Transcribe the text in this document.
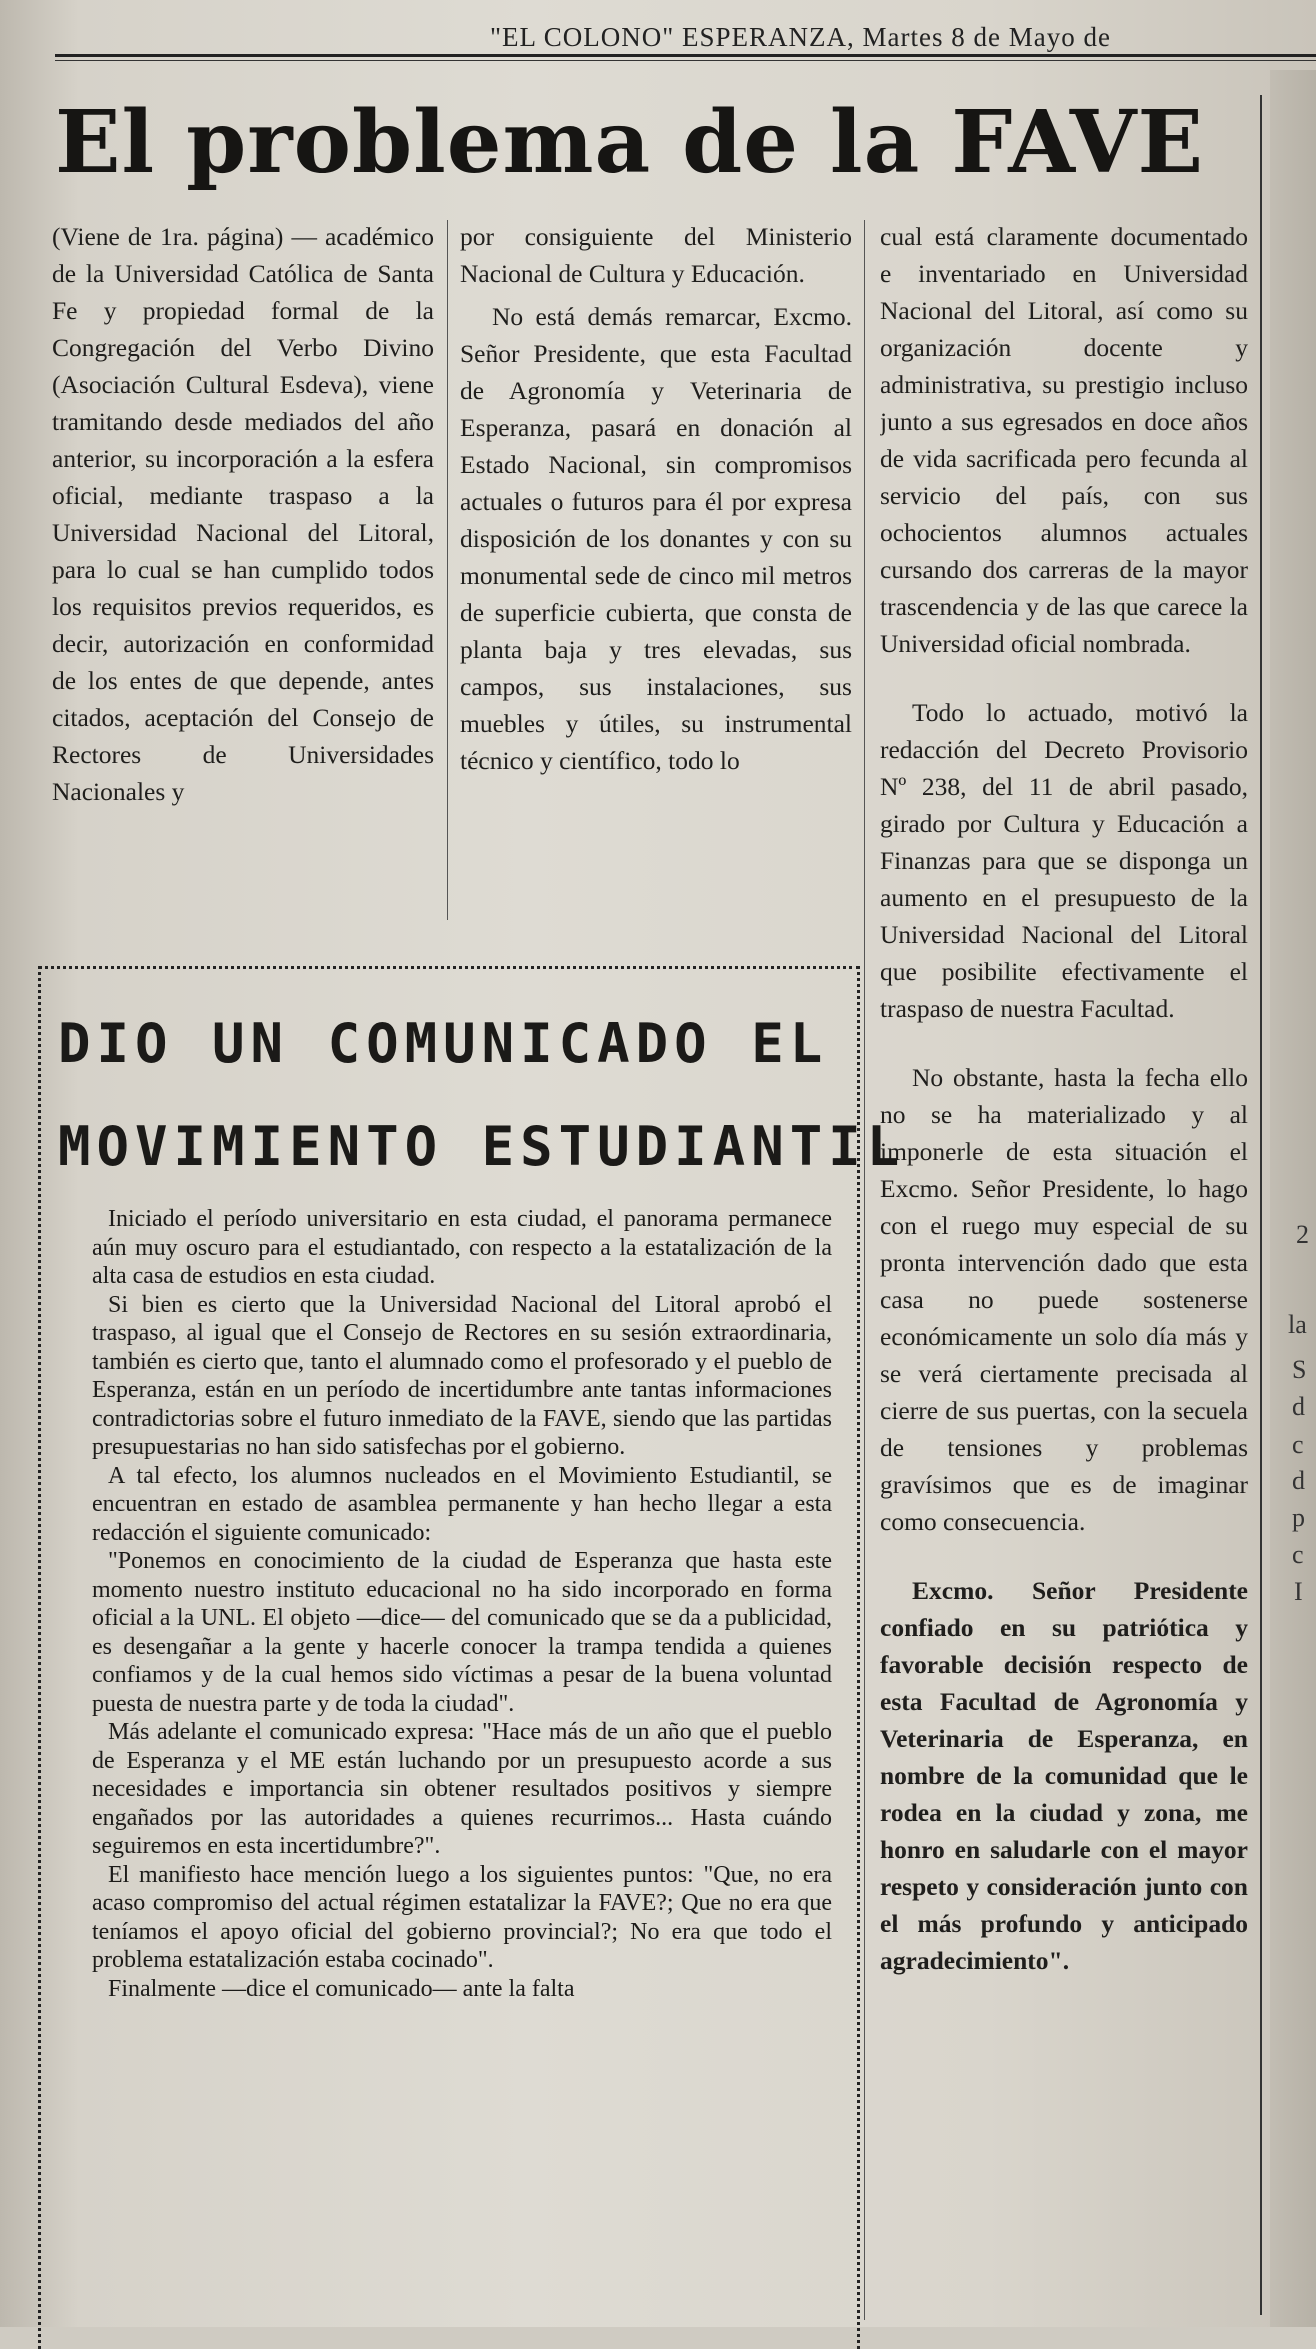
"EL COLONO" ESPERANZA, Martes 8 de Mayo de
El problema de la FAVE

(Viene de 1ra. página) — académico de la Universidad Católica de Santa Fe y propiedad formal de la Congregación del Verbo Divino (Asociación Cultural Esdeva), viene tramitando desde mediados del año anterior, su incorporación a la esfera oficial, mediante traspaso a la Universidad Nacional del Litoral, para lo cual se han cumplido todos los requisitos previos requeridos, es decir, autorización en conformidad de los entes de que depende, antes citados, aceptación del Consejo de Rectores de Universidades Nacionales y

por consiguiente del Ministerio Nacional de Cultura y Educación.

No está demás remarcar, Excmo. Señor Presidente, que esta Facultad de Agronomía y Veterinaria de Esperanza, pasará en donación al Estado Nacional, sin compromisos actuales o futuros para él por expresa disposición de los donantes y con su monumental sede de cinco mil metros de superficie cubierta, que consta de planta baja y tres elevadas, sus campos, sus instalaciones, sus muebles y útiles, su instrumental técnico y científico, todo lo

cual está claramente documentado e inventariado en Universidad Nacional del Litoral, así como su organización docente y administrativa, su prestigio incluso junto a sus egresados en doce años de vida sacrificada pero fecunda al servicio del país, con sus ochocientos alumnos actuales cursando dos carreras de la mayor trascendencia y de las que carece la Universidad oficial nombrada.

Todo lo actuado, motivó la redacción del Decreto Provisorio Nº 238, del 11 de abril pasado, girado por Cultura y Educación a Finanzas para que se disponga un aumento en el presupuesto de la Universidad Nacional del Litoral que posibilite efectivamente el traspaso de nuestra Facultad.

No obstante, hasta la fecha ello no se ha materializado y al imponerle de esta situación el Excmo. Señor Presidente, lo hago con el ruego muy especial de su pronta intervención dado que esta casa no puede sostenerse económicamente un solo día más y se verá ciertamente precisada al cierre de sus puertas, con la secuela de tensiones y problemas gravísimos que es de imaginar como consecuencia.

Excmo. Señor Presidente confiado en su patriótica y favorable decisión respecto de esta Facultad de Agronomía y Veterinaria de Esperanza, en nombre de la comunidad que le rodea en la ciudad y zona, me honro en saludarle con el mayor respeto y consideración junto con el más profundo y anticipado agradecimiento".

DIO UN COMUNICADO EL
MOVIMIENTO ESTUDIANTIL

Iniciado el período universitario en esta ciudad, el panorama permanece aún muy oscuro para el estudiantado, con respecto a la estatalización de la alta casa de estudios en esta ciudad.

Si bien es cierto que la Universidad Nacional del Litoral aprobó el traspaso, al igual que el Consejo de Rectores en su sesión extraordinaria, también es cierto que, tanto el alumnado como el profesorado y el pueblo de Esperanza, están en un período de incertidumbre ante tantas informaciones contradictorias sobre el futuro inmediato de la FAVE, siendo que las partidas presupuestarias no han sido satisfechas por el gobierno.

A tal efecto, los alumnos nucleados en el Movimiento Estudiantil, se encuentran en estado de asamblea permanente y han hecho llegar a esta redacción el siguiente comunicado:

"Ponemos en conocimiento de la ciudad de Esperanza que hasta este momento nuestro instituto educacional no ha sido incorporado en forma oficial a la UNL. El objeto —dice— del comunicado que se da a publicidad, es desengañar a la gente y hacerle conocer la trampa tendida a quienes confiamos y de la cual hemos sido víctimas a pesar de la buena voluntad puesta de nuestra parte y de toda la ciudad".

Más adelante el comunicado expresa: "Hace más de un año que el pueblo de Esperanza y el ME están luchando por un presupuesto acorde a sus necesidades e importancia sin obtener resultados positivos y siempre engañados por las autoridades a quienes recurrimos... Hasta cuándo seguiremos en esta incertidumbre?".

El manifiesto hace mención luego a los siguientes puntos: "Que, no era acaso compromiso del actual régimen estatalizar la FAVE?; Que no era que teníamos el apoyo oficial del gobierno provincial?; No era que todo el problema estatalización estaba cocinado".

Finalmente —dice el comunicado— ante la falta

2
la
S
d
c
d
p
c
I
